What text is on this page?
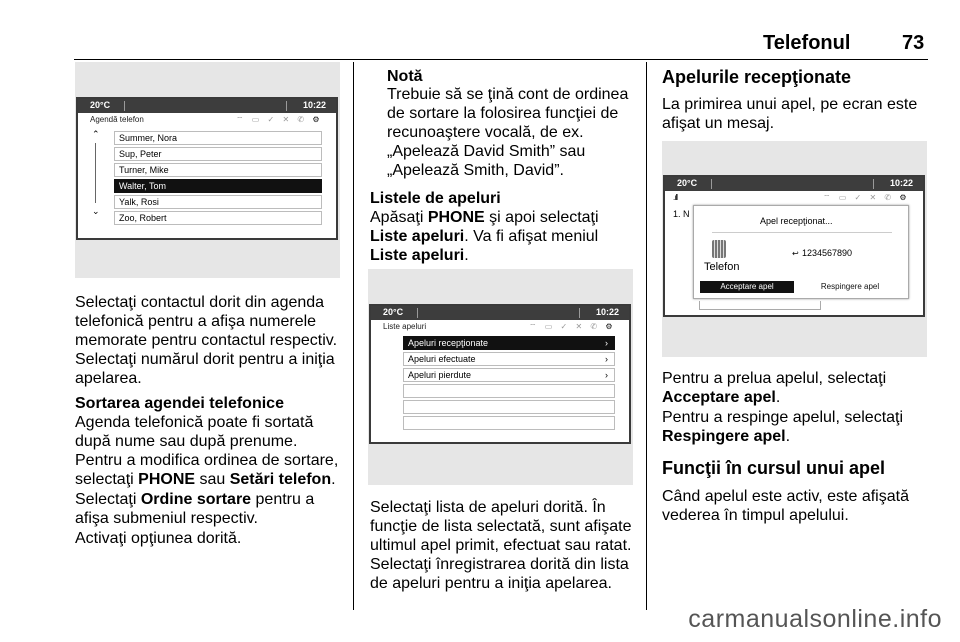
Telefonul	73
20°C	10:22
Agendă telefon	⌔ ▭ ✓ ✕ ✆ ⚙
⌃
⌄
Summer, Nora
Sup, Peter
Turner, Mike
Walter, Tom
Yalk, Rosi
Zoo, Robert

Selectaţi contactul dorit din agenda telefonică pentru a afişa numerele memorate pentru contactul respectiv.

Selectaţi numărul dorit pentru a iniţia apelarea.

Sortarea agendei telefonice

Agenda telefonică poate fi sortată după nume sau după prenume.

Pentru a modifica ordinea de sortare, selectaţi PHONE sau Setări telefon.

Selectaţi Ordine sortare pentru a afişa submeniul respectiv.

Activaţi opţiunea dorită.

Notă

Trebuie să se ţină cont de ordinea de sortare la folosirea funcţiei de recunoaştere vocală, de ex. „Apelează David Smith” sau „Apelează Smith, David”.

Listele de apeluri

Apăsaţi PHONE şi apoi selectaţi Liste apeluri. Va fi afişat meniul Liste apeluri.

20°C	10:22
Liste apeluri	⌔ ▭ ✓ ✕ ✆ ⚙
Apeluri recepţionate	›
Apeluri efectuate	›
Apeluri pierdute	›

Selectaţi lista de apeluri dorită. În funcţie de lista selectată, sunt afişate ultimul apel primit, efectuat sau ratat.

Selectaţi înregistrarea dorită din lista de apeluri pentru a iniţia apelarea.

Apelurile recepţionate

La primirea unui apel, pe ecran este afişat un mesaj.

20°C	10:22
.ıll	⌔ ▭ ✓ ✕ ✆ ⚙
1. N
Apel recepţionat...
Telefon
↩ 1234567890
Acceptare apel	Respingere apel

Pentru a prelua apelul, selectaţi
Acceptare apel.

Pentru a respinge apelul, selectaţi
Respingere apel.

Funcţii în cursul unui apel

Când apelul este activ, este afişată vederea în timpul apelului.

carmanualsonline.info
